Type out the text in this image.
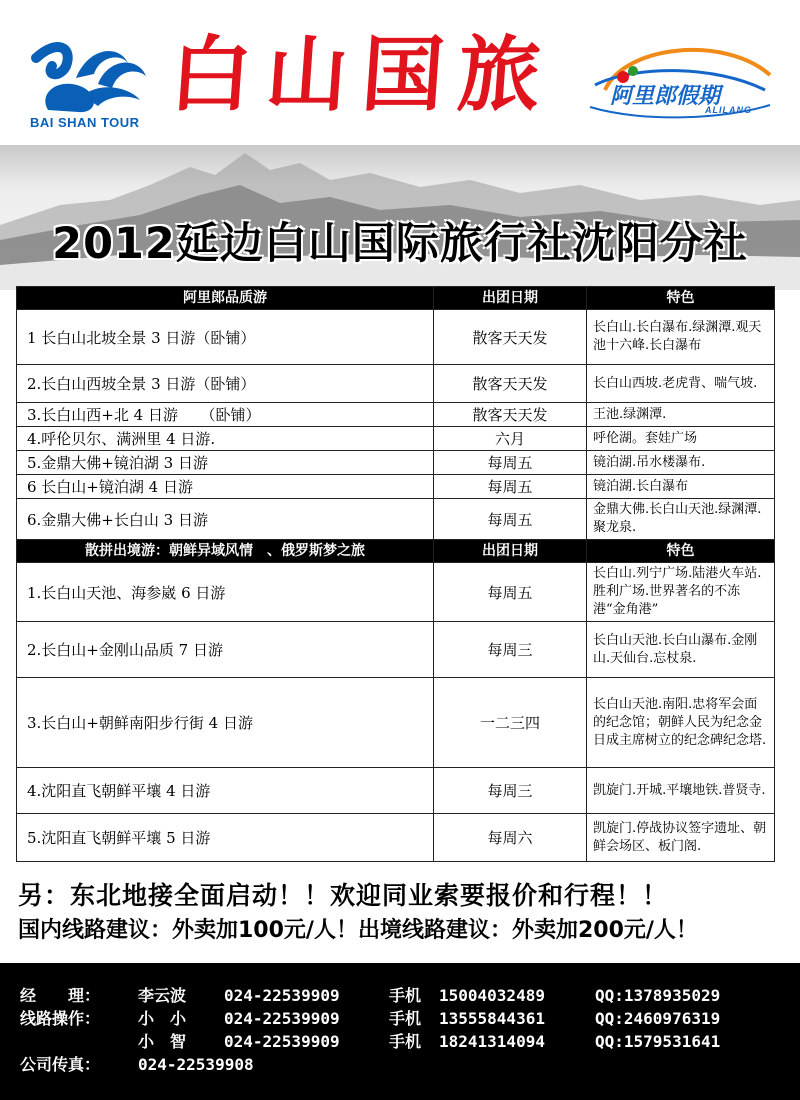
BAI SHAN TOUR 白山国旅 阿里郎假期
ALILANG
2012延边白山国际旅行社沈阳分社
阿里郎品质游	出团日期	特色
1 长白山北坡全景 3 日游（卧铺）	散客天天发	长白山.长白瀑布.绿渊潭.观天池十六峰.长白瀑布
2.长白山西坡全景 3 日游（卧铺）	散客天天发	长白山西坡.老虎背、喘气坡.
3.长白山西+北 4 日游　　（卧铺）	散客天天发	王池.绿渊潭.
4.呼伦贝尔、满洲里 4 日游.	六月	呼伦湖。套娃广场
5.金鼎大佛+镜泊湖 3 日游	每周五	镜泊湖.吊水楼瀑布.
6 长白山+镜泊湖 4 日游	每周五	镜泊湖.长白瀑布
6.金鼎大佛+长白山 3 日游	每周五	金鼎大佛.长白山天池.绿渊潭.聚龙泉.
散拼出境游：朝鲜异域风情　、俄罗斯梦之旅	出团日期	特色
1.长白山天池、海参崴 6 日游	每周五	长白山.列宁广场.陆港火车站.胜利广场.世界著名的不冻港“金角港”
2.长白山+金刚山品质 7 日游	每周三	长白山天池.长白山瀑布.金刚山.天仙台.忘杖泉.
3.长白山+朝鲜南阳步行街 4 日游	一二三四	长白山天池.南阳.忠将军会面的纪念馆；朝鲜人民为纪念金日成主席树立的纪念碑纪念塔.
4.沈阳直飞朝鲜平壤 4 日游	每周三	凯旋门.开城.平壤地铁.普贤寺.
5.沈阳直飞朝鲜平壤 5 日游	每周六	凯旋门.停战协议签字遗址、朝鲜会场区、板门阁.
另：东北地接全面启动！！欢迎同业索要报价和行程！！
国内线路建议：外卖加100元/人！出境线路建议：外卖加200元/人！
经　　理： 李云波 024-22539909	手机 15004032489	QQ:1378935029
线路操作： 小　小 024-22539909	手机 13555844361	QQ:2460976319
小　智 024-22539909	手机 18241314094	QQ:1579531641
公司传真： 024-22539908
